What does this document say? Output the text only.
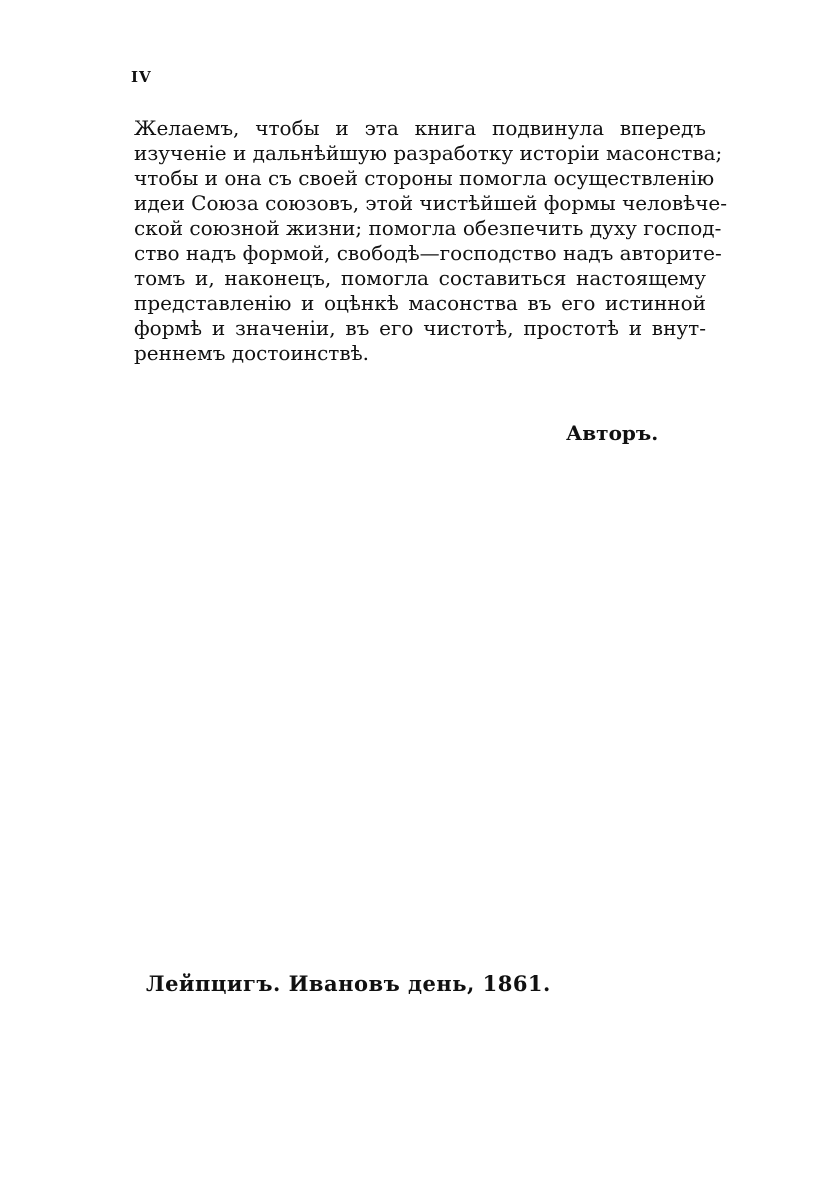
IV
Желаемъ, чтобы и эта книга подвинула впередъ
изученіе и дальнѣйшую разработку исторіи масонства;
чтобы и она съ своей стороны помогла осуществленію
идеи Союза союзовъ, этой чистѣйшей формы человѣче-
ской союзной жизни; помогла обезпечить духу господ-
ство надъ формой, свободѣ—господство надъ авторите-
томъ и, наконецъ, помогла составиться настоящему
представленію и оцѣнкѣ масонства въ его истинной
формѣ и значеніи, въ его чистотѣ, простотѣ и внут-
реннемъ достоинствѣ.
Авторъ.
Лейпцигъ. Ивановъ день, 1861.
